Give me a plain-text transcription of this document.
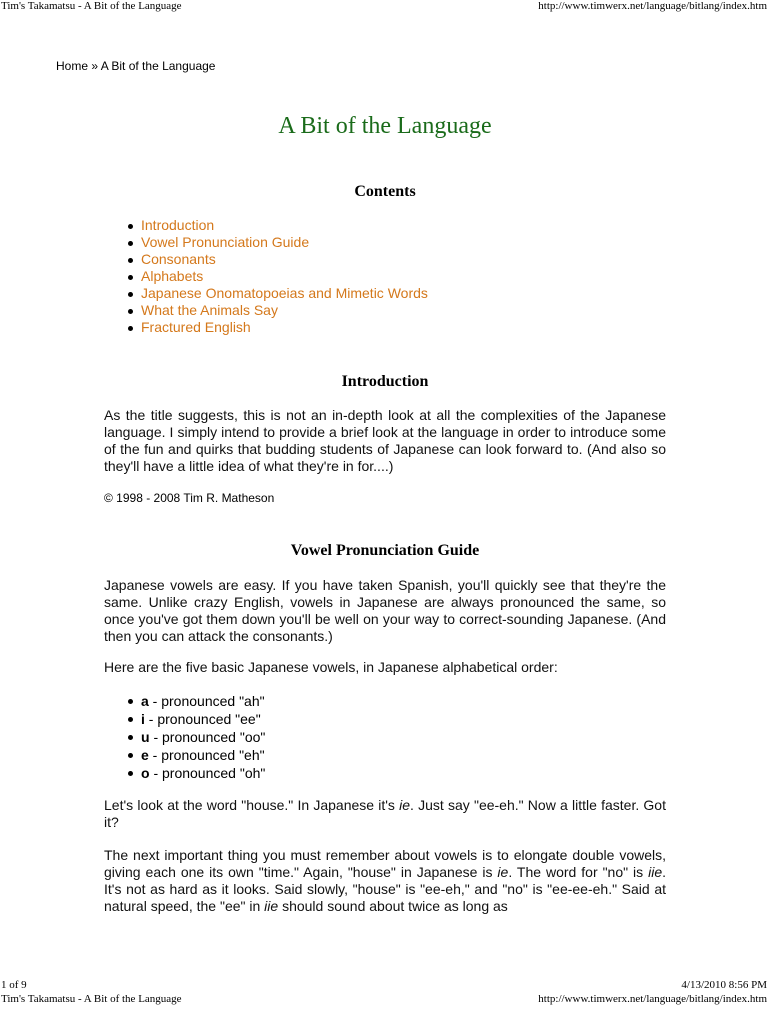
Tim's Takamatsu - A Bit of the Language	http://www.timwerx.net/language/bitlang/index.htm
Home » A Bit of the Language
A Bit of the Language
Contents
Introduction
Vowel Pronunciation Guide
Consonants
Alphabets
Japanese Onomatopoeias and Mimetic Words
What the Animals Say
Fractured English
Introduction

As the title suggests, this is not an in-depth look at all the complexities of the Japanese language. I simply intend to provide a brief look at the language in order to introduce some of the fun and quirks that budding students of Japanese can look forward to. (And also so they'll have a little idea of what they're in for....)

© 1998 - 2008 Tim R. Matheson

Vowel Pronunciation Guide

Japanese vowels are easy. If you have taken Spanish, you'll quickly see that they're the same. Unlike crazy English, vowels in Japanese are always pronounced the same, so once you've got them down you'll be well on your way to correct-sounding Japanese. (And then you can attack the consonants.)

Here are the five basic Japanese vowels, in Japanese alphabetical order:

a - pronounced "ah"
i - pronounced "ee"
u - pronounced "oo"
e - pronounced "eh"
o - pronounced "oh"

Let's look at the word "house." In Japanese it's ie. Just say "ee-eh." Now a little faster. Got it?

The next important thing you must remember about vowels is to elongate double vowels, giving each one its own "time." Again, "house" in Japanese is ie. The word for "no" is iie. It's not as hard as it looks. Said slowly, "house" is "ee-eh," and "no" is "ee-ee-eh." Said at natural speed, the "ee" in iie should sound about twice as long as

1 of 9	4/13/2010 8:56 PM
Tim's Takamatsu - A Bit of the Language	http://www.timwerx.net/language/bitlang/index.htm
